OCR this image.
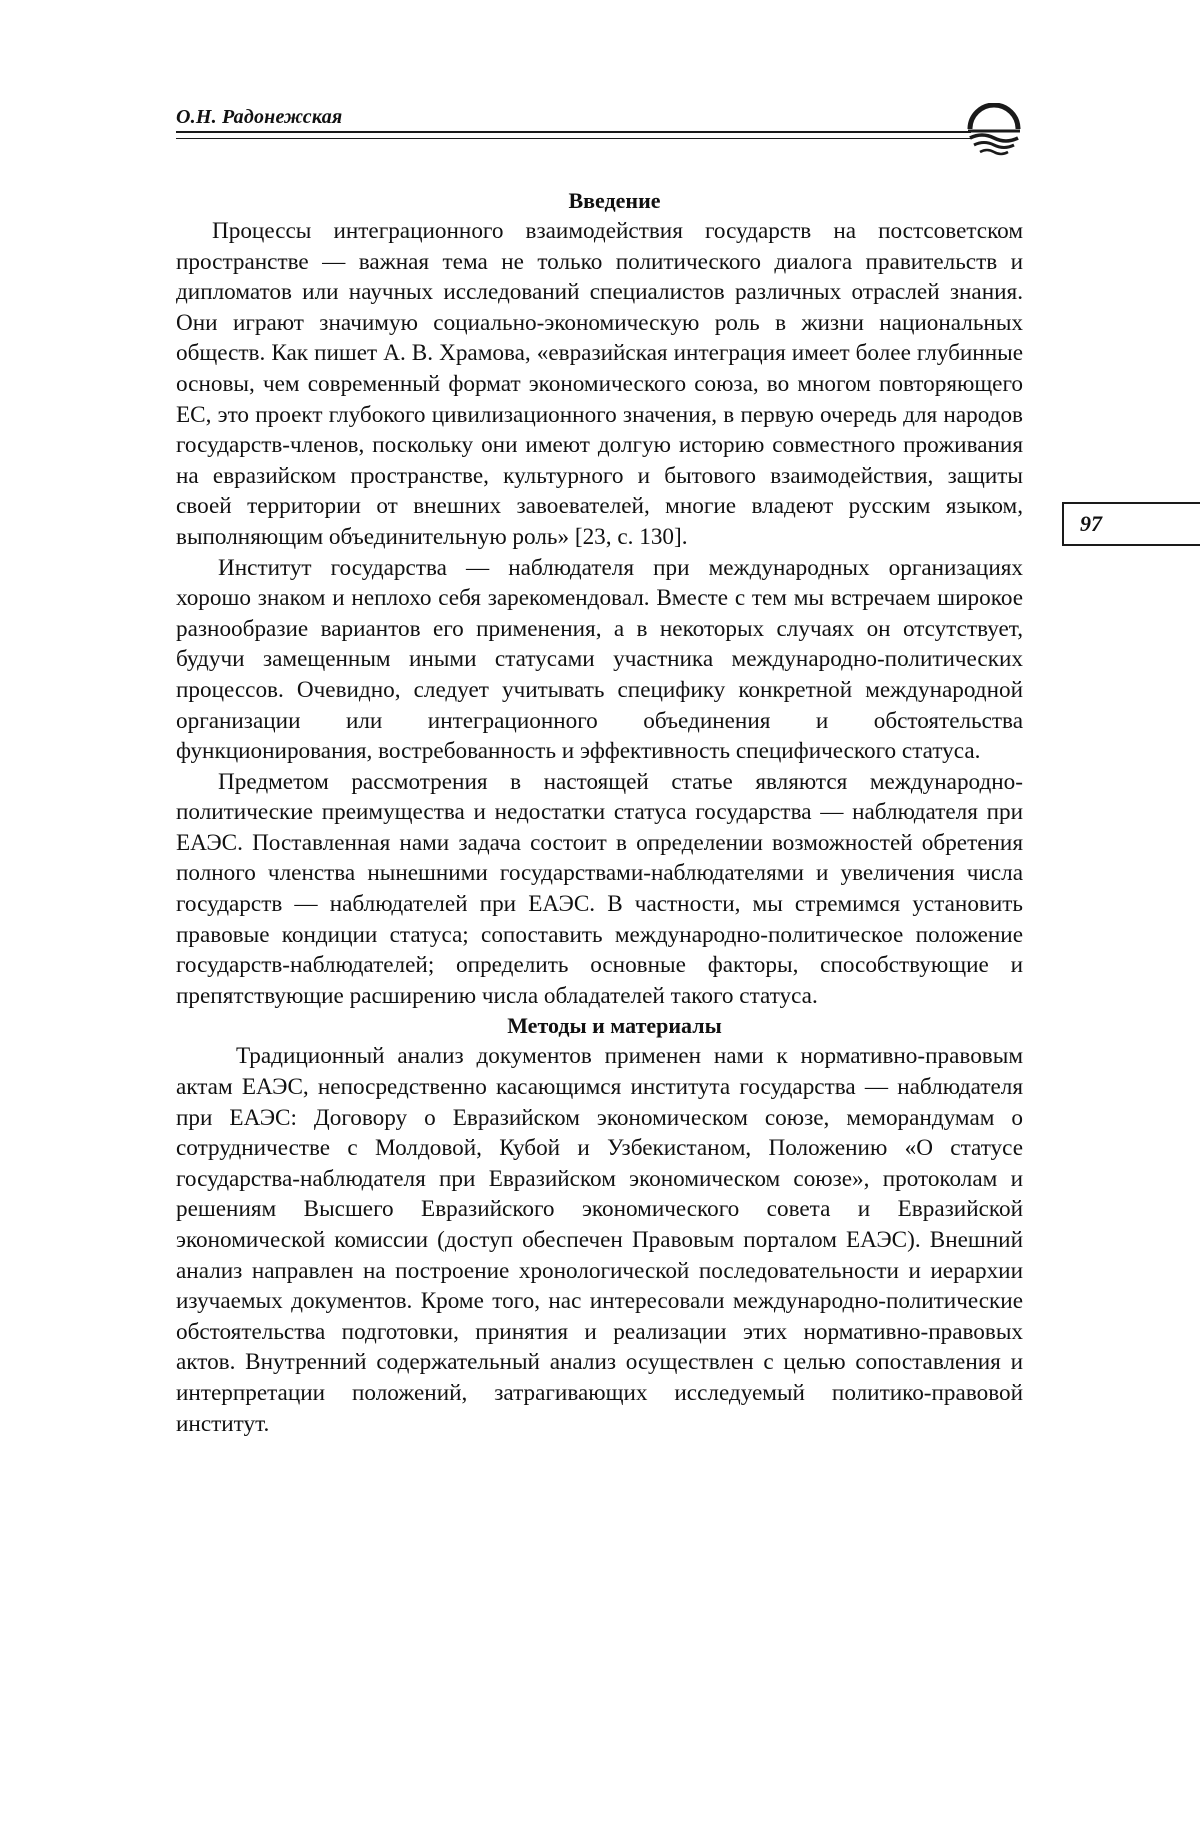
О.Н. Радонежская
97
Введение

Процессы интеграционного взаимодействия государств на постсоветском пространстве — важная тема не только политического диалога правительств и дипломатов или научных исследований специалистов различных отраслей знания. Они играют значимую социально-экономическую роль в жизни национальных обществ. Как пишет А. В. Храмова, «евразийская интеграция имеет более глубинные основы, чем современный формат экономического союза, во многом повторяющего ЕС, это проект глубокого цивилизационного значения, в первую очередь для народов государств-членов, поскольку они имеют долгую историю совместного проживания на евразийском пространстве, культурного и бытового взаимодействия, защиты своей территории от внешних завоевателей, многие владеют русским языком, выполняющим объединительную роль» [23, с. 130].

Институт государства — наблюдателя при международных организациях хорошо знаком и неплохо себя зарекомендовал. Вместе с тем мы встречаем широкое разнообразие вариантов его применения, а в некоторых случаях он отсутствует, будучи замещенным иными статусами участника международно-политических процессов. Очевидно, следует учитывать специфику конкретной международной организации или интеграционного объединения и обстоятельства функционирования, востребованность и эффективность специфического статуса.

Предметом рассмотрения в настоящей статье являются международно-политические преимущества и недостатки статуса государства — наблюдателя при ЕАЭС. Поставленная нами задача состоит в определении возможностей обретения полного членства нынешними государствами-наблюдателями и увеличения числа государств — наблюдателей при ЕАЭС. В частности, мы стремимся установить правовые кондиции статуса; сопоставить международно-политическое положение государств-наблюдателей; определить основные факторы, способствующие и препятствующие расширению числа обладателей такого статуса.

Методы и материалы

Традиционный анализ документов применен нами к нормативно-правовым актам ЕАЭС, непосредственно касающимся института государства — наблюдателя при ЕАЭС: Договору о Евразийском экономическом союзе, меморандумам о сотрудничестве с Молдовой, Кубой и Узбекистаном, Положению «О статусе государства-наблюдателя при Евразийском экономическом союзе», протоколам и решениям Высшего Евразийского экономического совета и Евразийской экономической комиссии (доступ обеспечен Правовым порталом ЕАЭС). Внешний анализ направлен на построение хронологической последовательности и иерархии изучаемых документов. Кроме того, нас интересовали международно-политические обстоятельства подготовки, принятия и реализации этих нормативно-правовых актов. Внутренний содержательный анализ осуществлен с целью сопоставления и интерпретации положений, затрагивающих исследуемый политико-правовой институт.
